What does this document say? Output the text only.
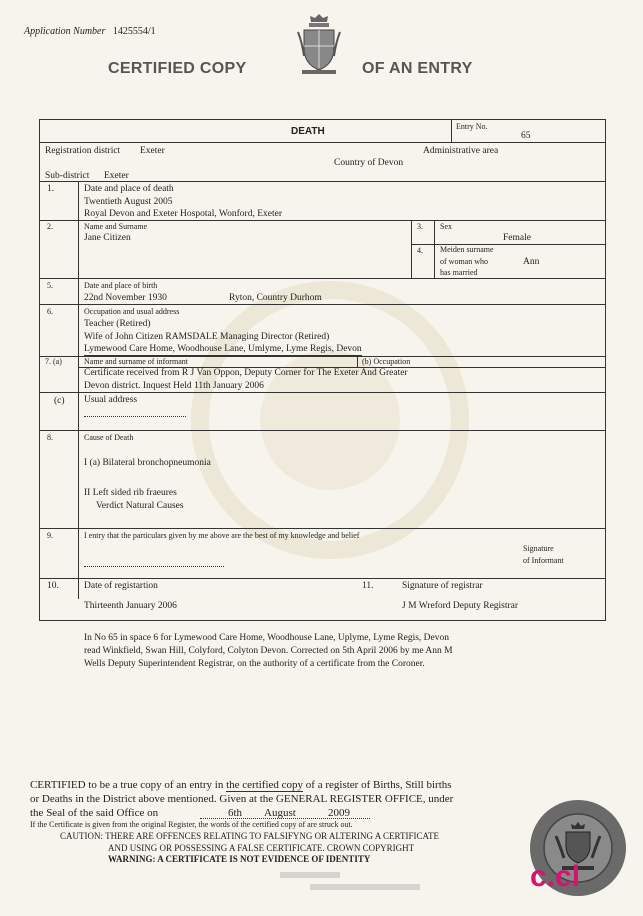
Application Number 1425554/1
CERTIFIED COPY	OF AN ENTRY
DEATH	Entry No.
65
Registration district Exeter	Administrative area
Country of Devon
Sub-district Exeter
1.	Date and place of death
Twentieth August 2005
Royal Devon and Exeter Hospotal, Wonford, Exeter
2.	Name and Surname
Jane Citizen
3. Sex
Female
4. Meiden surname
of woman who
has married
Ann
5.	Date and place of birth
22nd November 1930	Ryton, Country Durhom
6.	Occupation and usual address
Teacher (Retired)
Wife of John Citizen RAMSDALE Managing Director (Retired)
Lymewood Care Home, Woodhouse Lane, Umlyme, Lyme Regis, Devon
7. (a)	Name and surname of informant	(b) Occupation
Certificate received from R J Van Oppon, Deputy Corner for The Exeter And Greater
Devon district. Inquest Held 11th January 2006
(c) Usual address
8.	Cause of Death
I (a) Bilateral bronchopneumonia
II Left sided rib fraeures
Verdict Natural Causes
9.	I entry that the particulars given by me above are the best of my knowledge and belief
Signature
of Informant
10.	Date of registartion
Thirteenth January 2006
11.	Signature of registrar
J M Wreford Deputy Registrar
In No 65 in space 6 for Lymewood Care Home, Woodhouse Lane, Uplyme, Lyme Regis, Devon
read Winkfield, Swan Hill, Colyford, Colyton Devon. Corrected on 5th April 2006 by me Ann M
Wells Deputy Superintendent Registrar, on the authority of a certificate from the Coroner.
CERTIFIED to be a true copy of an entry in the certified copy of a register of Births, Still births
or Deaths in the District above mentioned. Given at the GENERAL REGISTER OFFICE, under
the Seal of the said Office on	6th August	2009
If the Certificate is given from the original Register, the words of the certified copy of are struck out.
CAUTION: THERE ARE OFFENCES RELATING TO FALSIFYNG OR ALTERING A CERTIFICATE
AND USING OR POSSESSING A FALSE CERTIFICATE. CROWN COPYRIGHT
WARNING: A CERTIFICATE IS NOT EVIDENCE OF IDENTITY
c.cl
